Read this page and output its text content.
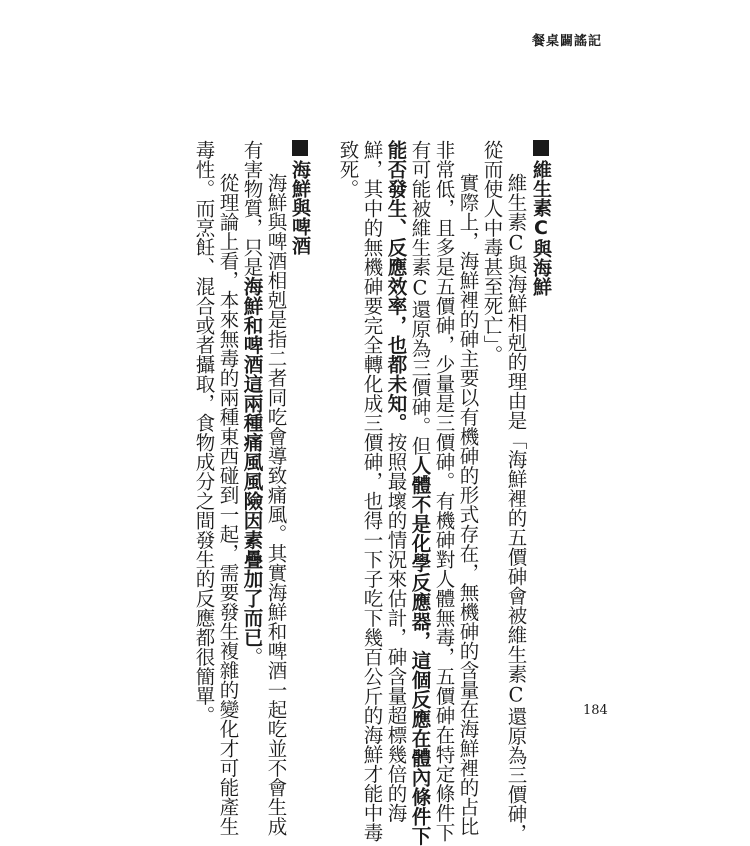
餐桌闢謠記
維生素C與海鮮
維生素C與海鮮相剋的理由是「海鮮裡的五價砷會被維生素C還原為三價砷，
從而使人中毒甚至死亡」。
實際上，海鮮裡的砷主要以有機砷的形式存在，無機砷的含量在海鮮裡的占比
非常低，且多是五價砷，少量是三價砷。有機砷對人體無毒，五價砷在特定條件下
有可能被維生素C還原為三價砷。但人體不是化學反應器，這個反應在體內條件下
能否發生、反應效率，也都未知。按照最壞的情況來估計，砷含量超標幾倍的海
鮮，其中的無機砷要完全轉化成三價砷，也得一下子吃下幾百公斤的海鮮才能中毒
致死。
海鮮與啤酒
海鮮與啤酒相剋是指二者同吃會導致痛風。其實海鮮和啤酒一起吃並不會生成
有害物質，只是海鮮和啤酒這兩種痛風風險因素疊加了而已。
從理論上看，本來無毒的兩種東西碰到一起，需要發生複雜的變化才可能產生
毒性。而烹飪、混合或者攝取，食物成分之間發生的反應都很簡單。	184
